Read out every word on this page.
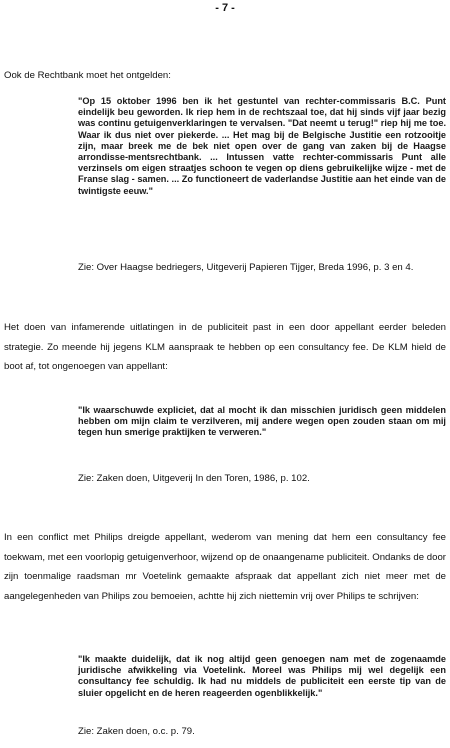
- 7 -

Ook de Rechtbank moet het ontgelden:

"Op 15 oktober 1996 ben ik het gestuntel van rechter-commissaris B.C. Punt eindelijk beu geworden. Ik riep hem in de rechtszaal toe, dat hij sinds vijf jaar bezig was continu getuigenverklaringen te vervalsen. "Dat neemt u terug!" riep hij me toe. Waar ik dus niet over piekerde. ... Het mag bij de Belgische Justitie een rotzooitje zijn, maar breek me de bek niet open over de gang van zaken bij de Haagse arrondisse-mentsrechtbank. ... Intussen vatte rechter-commissaris Punt alle verzinsels om eigen straatjes schoon te vegen op diens gebruikelijke wijze - met de Franse slag - samen. ... Zo functioneert de vaderlandse Justitie aan het einde van de twintigste eeuw."

Zie: Over Haagse bedriegers, Uitgeverij Papieren Tijger, Breda 1996, p. 3 en 4.

Het doen van infamerende uitlatingen in de publiciteit past in een door appellant eerder beleden strategie. Zo meende hij jegens KLM aanspraak te hebben op een consultancy fee. De KLM hield de boot af, tot ongenoegen van appellant:

"Ik waarschuwde expliciet, dat al mocht ik dan misschien juridisch geen middelen hebben om mijn claim te verzilveren, mij andere wegen open zouden staan om mij tegen hun smerige praktijken te verweren."

Zie: Zaken doen, Uitgeverij In den Toren, 1986, p. 102.

In een conflict met Philips dreigde appellant, wederom van mening dat hem een consultancy fee toekwam, met een voorlopig getuigenverhoor, wijzend op de onaangename publiciteit. Ondanks de door zijn toenmalige raadsman mr Voetelink gemaakte afspraak dat appellant zich niet meer met de aangelegenheden van Philips zou bemoeien, achtte hij zich niettemin vrij over Philips te schrijven:

"Ik maakte duidelijk, dat ik nog altijd geen genoegen nam met de zogenaamde juridische afwikkeling via Voetelink. Moreel was Philips mij wel degelijk een consultancy fee schuldig. Ik had nu middels de publiciteit een eerste tip van de sluier opgelicht en de heren reageerden ogenblikkelijk."

Zie: Zaken doen, o.c. p. 79.
